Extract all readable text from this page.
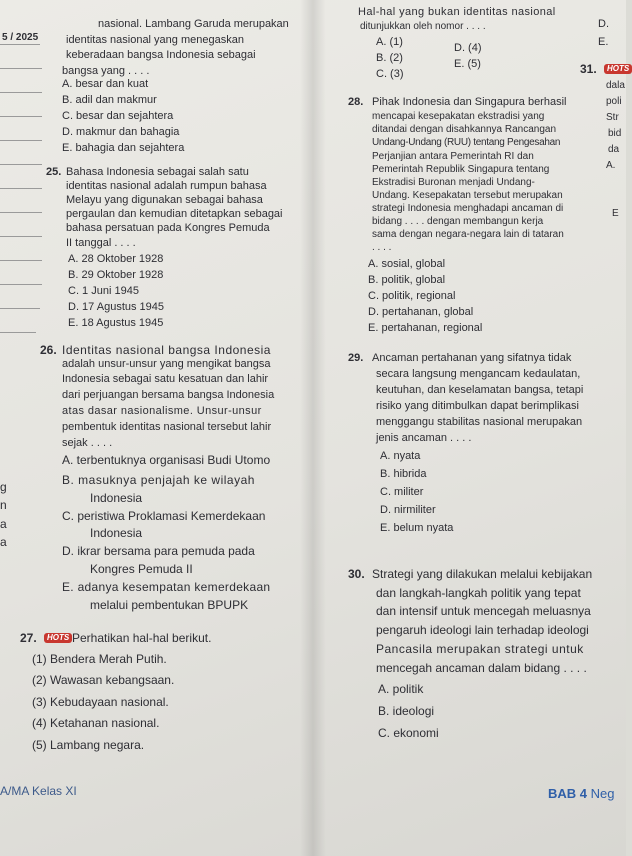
5 / 2025
g
n
a
a
nasional. Lambang Garuda merupakan
identitas nasional yang menegaskan
keberadaan bangsa Indonesia sebagai
bangsa yang . . . .
A. besar dan kuat
B. adil dan makmur
C. besar dan sejahtera
D. makmur dan bahagia
E. bahagia dan sejahtera
25. Bahasa Indonesia sebagai salah satu
identitas nasional adalah rumpun bahasa
Melayu yang digunakan sebagai bahasa
pergaulan dan kemudian ditetapkan sebagai
bahasa persatuan pada Kongres Pemuda
II tanggal . . . .
A. 28 Oktober 1928
B. 29 Oktober 1928
C. 1 Juni 1945
D. 17 Agustus 1945
E. 18 Agustus 1945
26. Identitas nasional bangsa Indonesia
adalah unsur-unsur yang mengikat bangsa
Indonesia sebagai satu kesatuan dan lahir
dari perjuangan bersama bangsa Indonesia
atas dasar nasionalisme. Unsur-unsur
pembentuk identitas nasional tersebut lahir
sejak . . . .
A. terbentuknya organisasi Budi Utomo
B. masuknya penjajah ke wilayah
Indonesia
C. peristiwa Proklamasi Kemerdekaan
Indonesia
D. ikrar bersama para pemuda pada
Kongres Pemuda II
E. adanya kesempatan kemerdekaan
melalui pembentukan BPUPK
27.	HOTS Perhatikan hal-hal berikut.
(1) Bendera Merah Putih.
(2) Wawasan kebangsaan.
(3) Kebudayaan nasional.
(4) Ketahanan nasional.
(5) Lambang negara.
A/MA Kelas XI
Hal-hal yang bukan identitas nasional
ditunjukkan oleh nomor . . . .
A. (1)
B. (2)
C. (3)
D. (4)
E. (5)
28. Pihak Indonesia dan Singapura berhasil
mencapai kesepakatan ekstradisi yang
ditandai dengan disahkannya Rancangan
Undang-Undang (RUU) tentang Pengesahan
Perjanjian antara Pemerintah RI dan
Pemerintah Republik Singapura tentang
Ekstradisi Buronan menjadi Undang-
Undang. Kesepakatan tersebut merupakan
strategi Indonesia menghadapi ancaman di
bidang . . . . dengan membangun kerja
sama dengan negara-negara lain di tataran
. . . .
A. sosial, global
B. politik, global
C. politik, regional
D. pertahanan, global
E. pertahanan, regional
29. Ancaman pertahanan yang sifatnya tidak
secara langsung mengancam kedaulatan,
keutuhan, dan keselamatan bangsa, tetapi
risiko yang ditimbulkan dapat berimplikasi
menggangu stabilitas nasional merupakan
jenis ancaman . . . .
A. nyata
B. hibrida
C. militer
D. nirmiliter
E. belum nyata
30. Strategi yang dilakukan melalui kebijakan
dan langkah-langkah politik yang tepat
dan intensif untuk mencegah meluasnya
pengaruh ideologi lain terhadap ideologi
Pancasila merupakan strategi untuk
mencegah ancaman dalam bidang . . . .
A. politik
B. ideologi
C. ekonomi
BAB 4 Neg
D.
E.
31.	HOTS
dala
poli
Str
bid
da
A.
E
